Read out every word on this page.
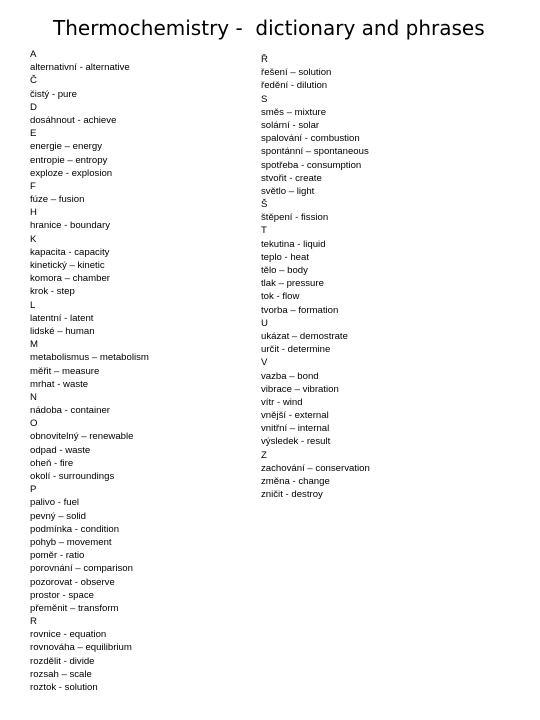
Thermochemistry -  dictionary and phrases
A
alternativní - alternative
Č
čistý - pure
D
dosáhnout - achieve
E
energie – energy
entropie – entropy
exploze - explosion
F
fúze – fusion
H
hranice - boundary
K
kapacita - capacity
kinetický – kinetic
komora – chamber
krok - step
L
latentní - latent
lidské – human
M
metabolismus – metabolism
měřit – measure
mrhat - waste
N
nádoba - container
O
obnovitelný – renewable
odpad - waste
oheň - fire
okolí - surroundings
P
palivo - fuel
pevný – solid
podmínka - condition
pohyb – movement
poměr - ratio
porovnání – comparison
pozorovat - observe
prostor - space
přeměnit – transform
R
rovnice - equation
rovnováha – equilibrium
rozdělit - divide
rozsah – scale
roztok - solution
Ř
řešení – solution
ředění - dilution
S
směs – mixture
solární - solar
spalování - combustion
spontánní – spontaneous
spotřeba - consumption
stvořit - create
světlo – light
Š
štěpení - fission
T
tekutina - liquid
teplo - heat
tělo – body
tlak – pressure
tok - flow
tvorba – formation
U
ukázat – demostrate
určit - determine
V
vazba – bond
vibrace – vibration
vítr - wind
vnější - external
vnitřní – internal
výsledek - result
Z
zachování – conservation
změna - change
zničit - destroy
